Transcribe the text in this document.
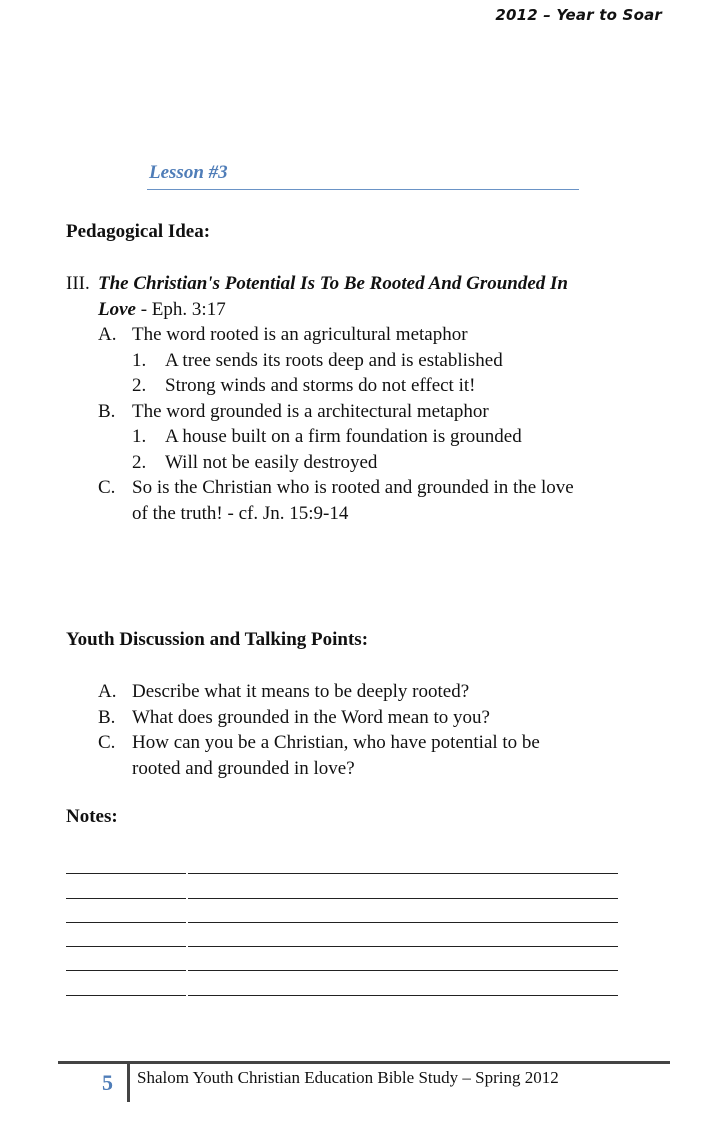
2012 – Year to Soar
Lesson #3
Pedagogical Idea:
III. The Christian's Potential Is To Be Rooted And Grounded In
Love - Eph. 3:17
A. The word rooted is an agricultural metaphor
1. A tree sends its roots deep and is established
2. Strong winds and storms do not effect it!
B. The word grounded is a architectural metaphor
1. A house built on a firm foundation is grounded
2. Will not be easily destroyed
C. So is the Christian who is rooted and grounded in the love
of the truth! - cf. Jn. 15:9-14
Youth Discussion and Talking Points:
A. Describe what it means to be deeply rooted?
B. What does grounded in the Word mean to you?
C. How can you be a Christian, who have potential to be
rooted and grounded in love?
Notes:
5 Shalom Youth Christian Education Bible Study – Spring 2012
